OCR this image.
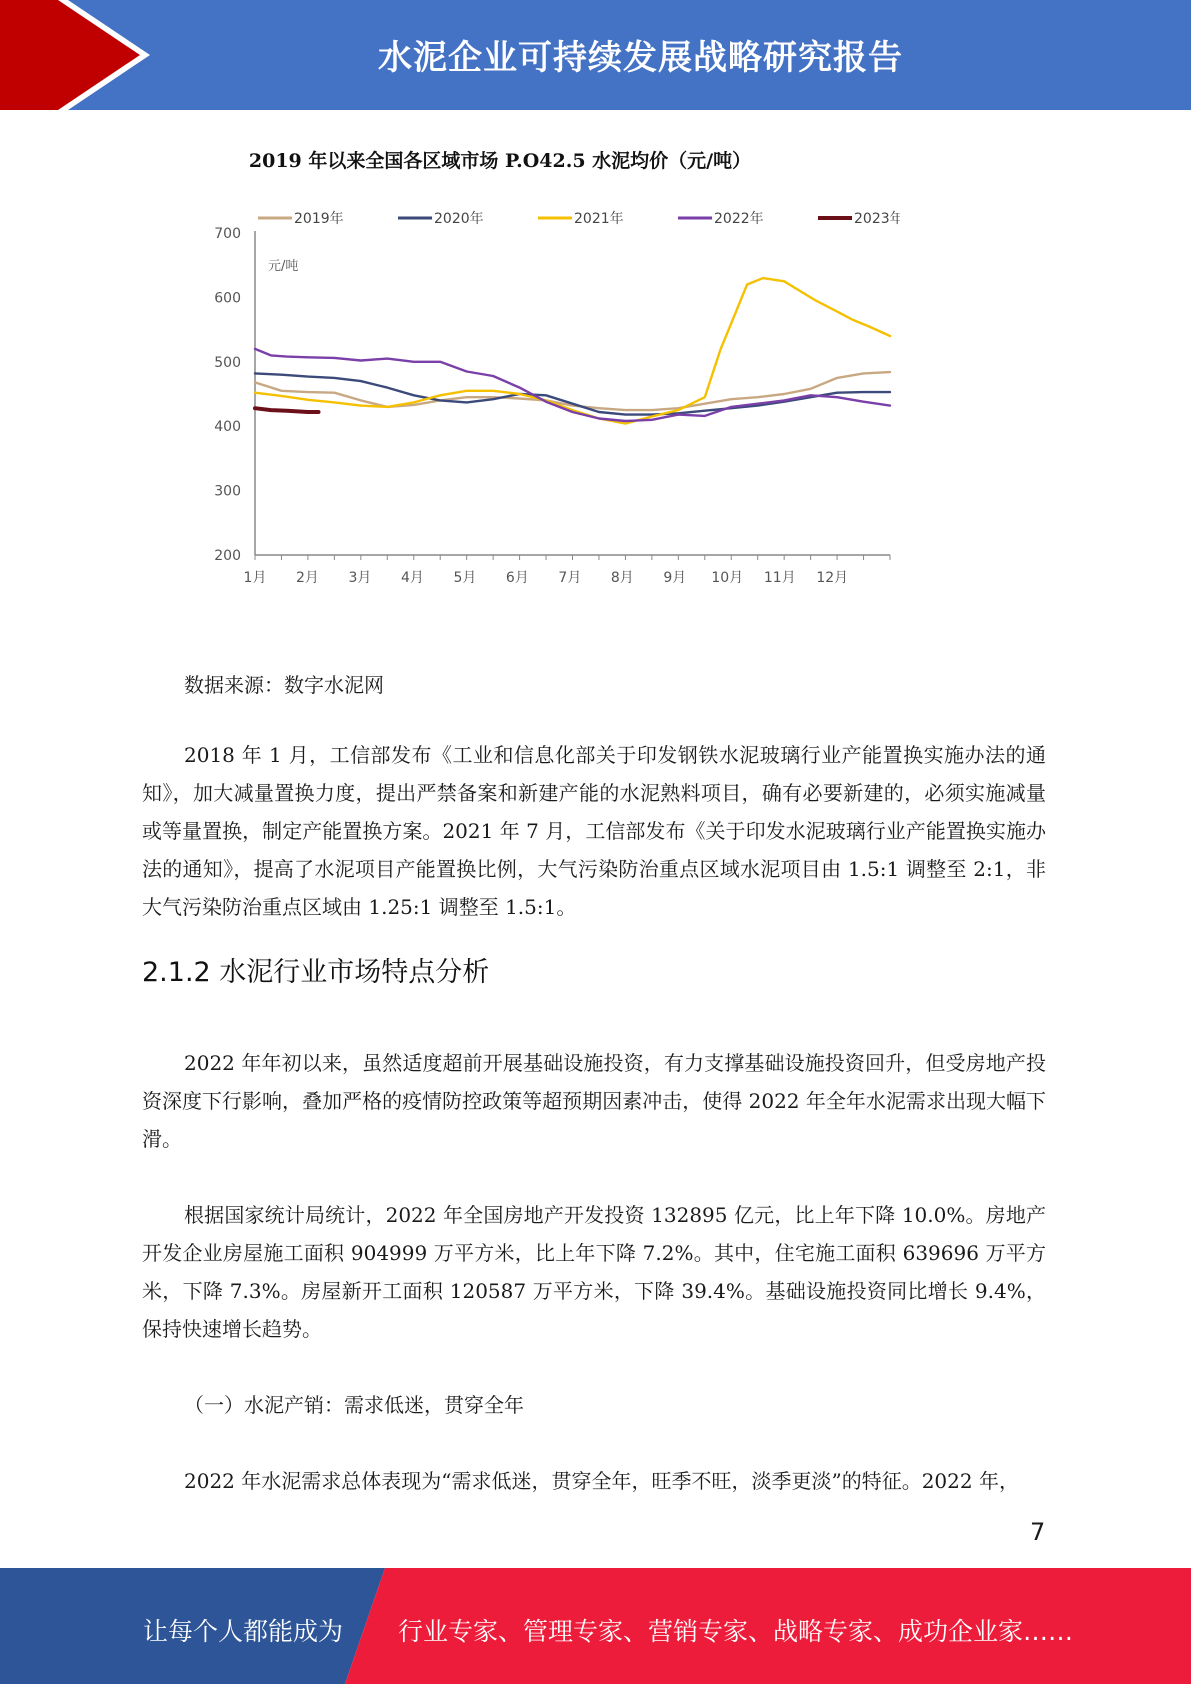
水泥企业可持续发展战略研究报告
2019 年以来全国各区域市场 P.O42.5 水泥均价（元/吨）
2019年	2020年	2021年	2022年	2023年
200
300
400
500
600
700
元/吨
1月 2月 3月 4月 5月 6月 7月 8月 9月 10月 11月 12月

数据来源：数字水泥网

2018 年 1 月，工信部发布《工业和信息化部关于印发钢铁水泥玻璃行业产能置换实施办法的通知》，加大减量置换力度，提出严禁备案和新建产能的水泥熟料项目，确有必要新建的，必须实施减量或等量置换，制定产能置换方案。2021 年 7 月，工信部发布《关于印发水泥玻璃行业产能置换实施办法的通知》，提高了水泥项目产能置换比例，大气污染防治重点区域水泥项目由 1.5:1 调整至 2:1，非大气污染防治重点区域由 1.25:1 调整至 1.5:1。

2.1.2 水泥行业市场特点分析

2022 年年初以来，虽然适度超前开展基础设施投资，有力支撑基础设施投资回升，但受房地产投资深度下行影响，叠加严格的疫情防控政策等超预期因素冲击，使得 2022 年全年水泥需求出现大幅下滑。

根据国家统计局统计，2022 年全国房地产开发投资 132895 亿元，比上年下降 10.0%。房地产开发企业房屋施工面积 904999 万平方米，比上年下降 7.2%。其中，住宅施工面积 639696 万平方米，下降 7.3%。房屋新开工面积 120587 万平方米，下降 39.4%。基础设施投资同比增长 9.4%，保持快速增长趋势。

（一）水泥产销：需求低迷，贯穿全年

2022 年水泥需求总体表现为“需求低迷，贯穿全年，旺季不旺，淡季更淡”的特征。2022 年，

7
让每个人都能成为 行业专家、管理专家、营销专家、战略专家、成功企业家……
